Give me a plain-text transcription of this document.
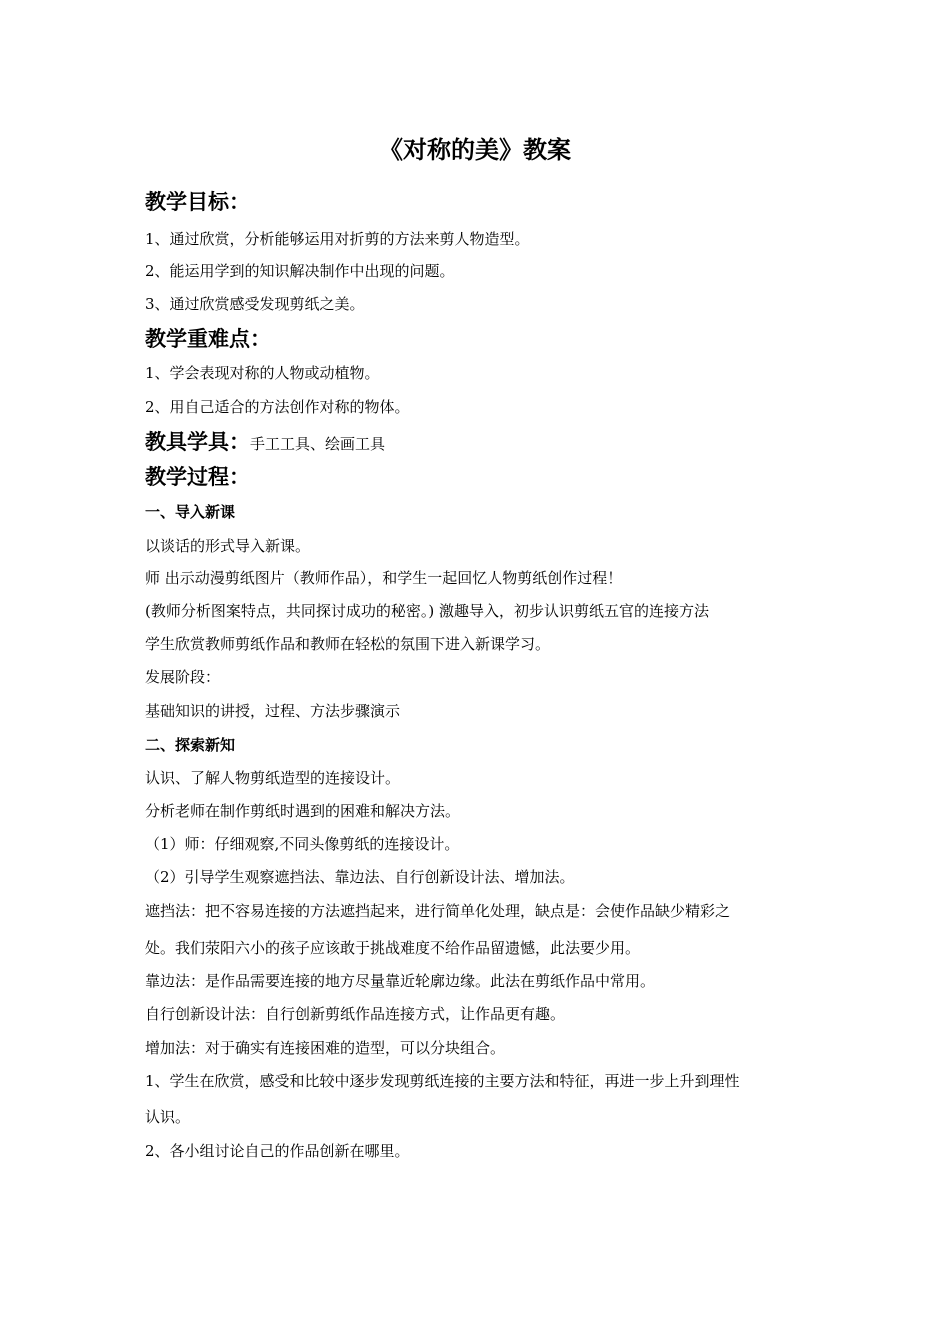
《对称的美》教案
教学目标：
1、通过欣赏，分析能够运用对折剪的方法来剪人物造型。
2、能运用学到的知识解决制作中出现的问题。
3、通过欣赏感受发现剪纸之美。
教学重难点：
1、学会表现对称的人物或动植物。
2、用自己适合的方法创作对称的物体。
教具学具：手工工具、绘画工具
教学过程：
一、导入新课
以谈话的形式导入新课。
师 出示动漫剪纸图片（教师作品），和学生一起回忆人物剪纸创作过程！
(教师分析图案特点，共同探讨成功的秘密。) 激趣导入，初步认识剪纸五官的连接方法
学生欣赏教师剪纸作品和教师在轻松的氛围下进入新课学习。
发展阶段：
基础知识的讲授，过程、方法步骤演示
二、探索新知
认识、了解人物剪纸造型的连接设计。
分析老师在制作剪纸时遇到的困难和解决方法。
（1）师：仔细观察,不同头像剪纸的连接设计。
（2）引导学生观察遮挡法、靠边法、自行创新设计法、增加法。
遮挡法：把不容易连接的方法遮挡起来，进行简单化处理，缺点是：会使作品缺少精彩之
处。我们荥阳六小的孩子应该敢于挑战难度不给作品留遗憾，此法要少用。
靠边法：是作品需要连接的地方尽量靠近轮廓边缘。此法在剪纸作品中常用。
自行创新设计法：自行创新剪纸作品连接方式，让作品更有趣。
增加法：对于确实有连接困难的造型，可以分块组合。
1、学生在欣赏，感受和比较中逐步发现剪纸连接的主要方法和特征，再进一步上升到理性
认识。
2、各小组讨论自己的作品创新在哪里。
